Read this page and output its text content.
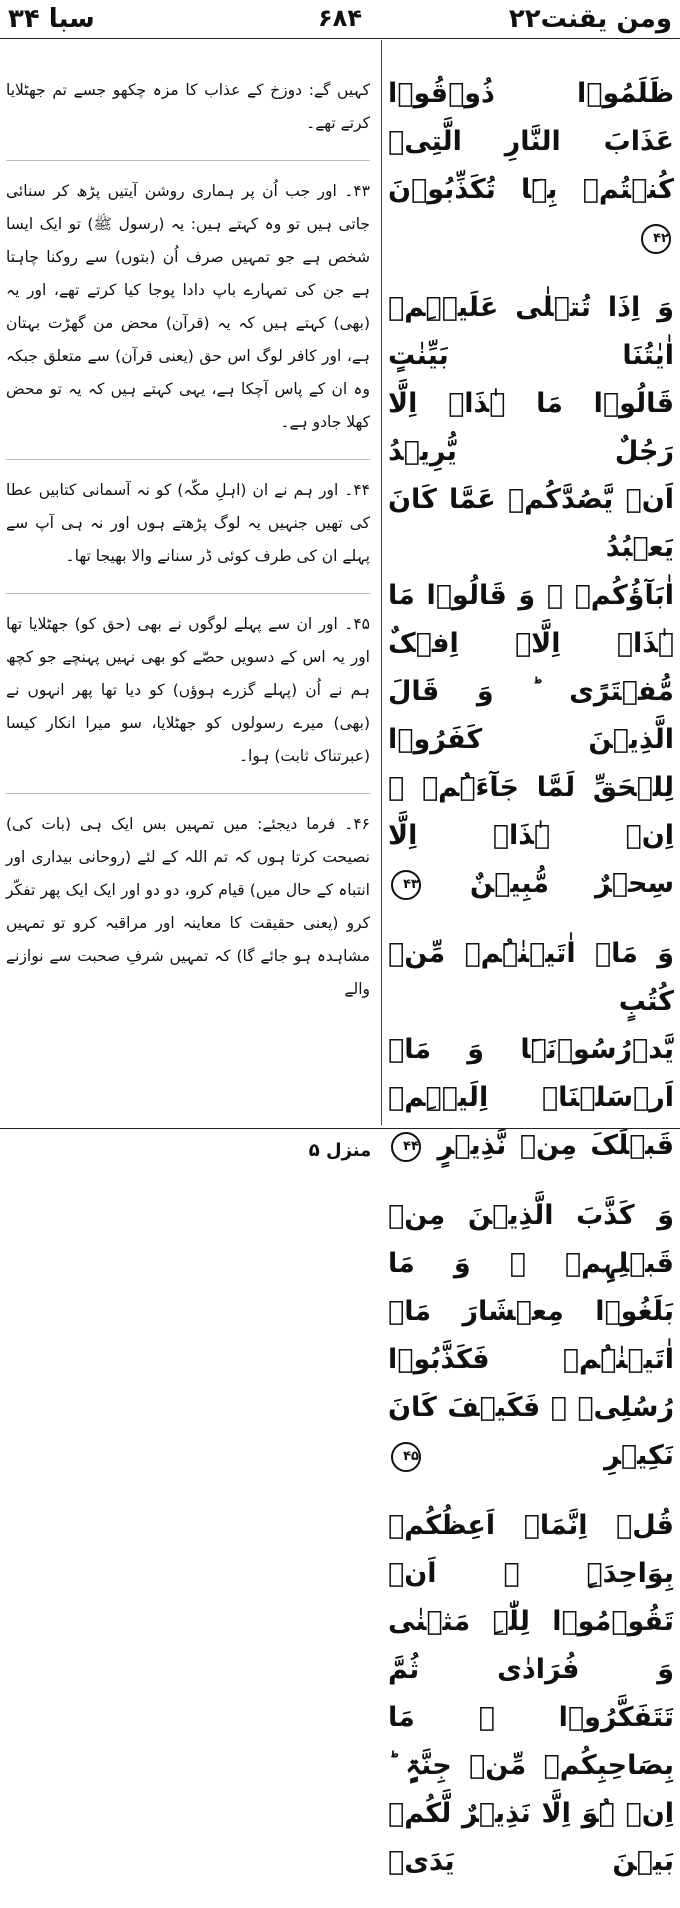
ومن يقنت۲۲
۶۸۴
سبا ۳۴
ظَلَمُوۡا ذُوۡقُوۡا عَذَابَ النَّارِ الَّتِیۡ
کُنۡتُمۡ بِہَا تُکَذِّبُوۡنَ ۴۲
وَ اِذَا تُتۡلٰی عَلَیۡہِمۡ اٰیٰتُنَا بَیِّنٰتٍ
قَالُوۡا مَا ہٰذَاۤ اِلَّا رَجُلٌ یُّرِیۡدُ
اَنۡ یَّصُدَّکُمۡ عَمَّا کَانَ یَعۡبُدُ
اٰبَآؤُکُمۡ ۚ وَ قَالُوۡا مَا ہٰذَاۤ اِلَّاۤ اِفۡکٌ
مُّفۡتَرًی ؕ وَ قَالَ الَّذِیۡنَ کَفَرُوۡا
لِلۡحَقِّ لَمَّا جَآءَہُمۡ ۙ اِنۡ ہٰذَاۤ اِلَّا
سِحۡرٌ مُّبِیۡنٌ ۴۳
وَ مَاۤ اٰتَیۡنٰہُمۡ مِّنۡ کُتُبٍ
یَّدۡرُسُوۡنَہَا وَ مَاۤ اَرۡسَلۡنَاۤ اِلَیۡہِمۡ
قَبۡلَکَ مِنۡ نَّذِیۡرٍ ۴۴
وَ کَذَّبَ الَّذِیۡنَ مِنۡ قَبۡلِہِمۡ ۙ وَ مَا
بَلَغُوۡا مِعۡشَارَ مَاۤ اٰتَیۡنٰہُمۡ فَکَذَّبُوۡا
رُسُلِیۡ ۟ فَکَیۡفَ کَانَ نَکِیۡرِ ۴۵
قُلۡ اِنَّمَاۤ اَعِظُکُمۡ بِوَاحِدَۃٍ ۚ اَنۡ
تَقُوۡمُوۡا لِلّٰہِ مَثۡنٰی وَ فُرَادٰی ثُمَّ
تَتَفَکَّرُوۡا ۟ مَا بِصَاحِبِکُمۡ مِّنۡ جِنَّۃٍ ؕ
اِنۡ ہُوَ اِلَّا نَذِیۡرٌ لَّکُمۡ بَیۡنَ یَدَیۡ
کہیں گے: دوزخ کے عذاب کا مزہ چکھو جسے تم جھٹلایا کرتے تھے۔
۴۳۔ اور جب اُن پر ہماری روشن آیتیں پڑھ کر سنائی جاتی ہیں تو وہ کہتے ہیں: یہ (رسول ﷺ) تو ایک ایسا شخص ہے جو تمہیں صرف اُن (بتوں) سے روکنا چاہتا ہے جن کی تمہارے باپ دادا پوجا کیا کرتے تھے، اور یہ (بھی) کہتے ہیں کہ یہ (قرآن) محض من گھڑت بہتان ہے، اور کافر لوگ اس حق (یعنی قرآن) سے متعلق جبکہ وہ ان کے پاس آچکا ہے، یہی کہتے ہیں کہ یہ تو محض کھلا جادو ہے۔
۴۴۔ اور ہم نے ان (اہلِ مکّہ) کو نہ آسمانی کتابیں عطا کی تھیں جنہیں یہ لوگ پڑھتے ہوں اور نہ ہی آپ سے پہلے ان کی طرف کوئی ڈر سنانے والا بھیجا تھا۔
۴۵۔ اور ان سے پہلے لوگوں نے بھی (حق کو) جھٹلایا تھا اور یہ اس کے دسویں حصّے کو بھی نہیں پہنچے جو کچھ ہم نے اُن (پہلے گزرے ہوؤں) کو دیا تھا پھر انہوں نے (بھی) میرے رسولوں کو جھٹلایا، سو میرا انکار کیسا (عبرتناک ثابت) ہوا۔
۴۶۔ فرما دیجئے: میں تمہیں بس ایک ہی (بات کی) نصیحت کرتا ہوں کہ تم اللہ کے لئے (روحانی بیداری اور انتباہ کے حال میں) قیام کرو، دو دو اور ایک ایک پھر تفکّر کرو (یعنی حقیقت کا معاینہ اور مراقبہ کرو تو تمہیں مشاہدہ ہو جائے گا) کہ تمہیں شرفِ صحبت سے نوازنے والے
منزل ۵
